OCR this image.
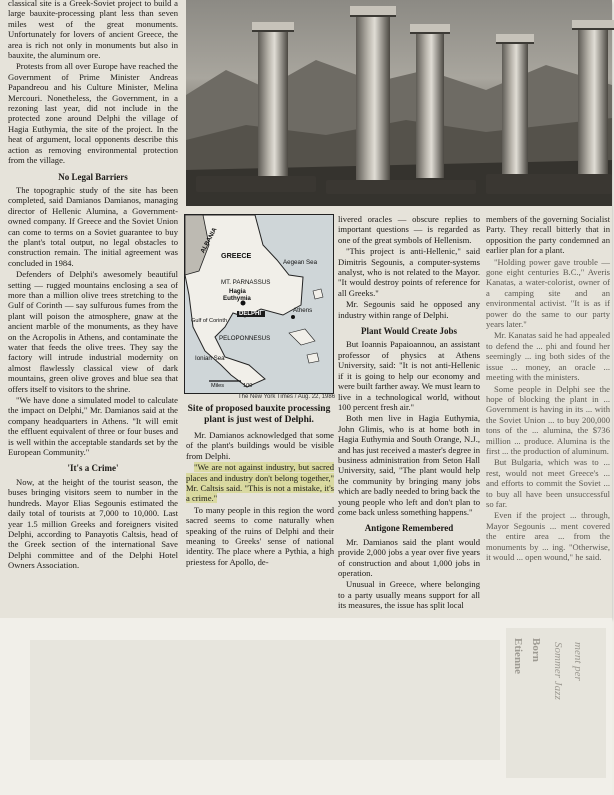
classical site is a Greek-Soviet project to build a large bauxite-processing plant less than seven miles west of the great monuments. Unfortunately for lovers of ancient Greece, the area is rich not only in monuments but also in bauxite, the aluminum ore.

Protests from all over Europe have reached the Government of Prime Minister Andreas Papandreou and his Culture Minister, Melina Mercouri. Nonetheless, the Government, in a rezoning last year, did not include in the protected zone around Delphi the village of Hagia Euthymia, the site of the project. In the heat of argument, local opponents describe this action as removing environmental protection from the village.

No Legal Barriers

The topographic study of the site has been completed, said Damianos Damianos, managing director of Hellenic Alumina, a Government-owned company. If Greece and the Soviet Union can come to terms on a Soviet guarantee to buy the plant's total output, no legal obstacles to construction remain. The initial agreement was concluded in 1984.

Defenders of Delphi's awesomely beautiful setting — rugged mountains enclosing a sea of more than a million olive trees stretching to the Gulf of Corinth — say sulfurous fumes from the plant will poison the atmosphere, gnaw at the ancient marble of the monuments, as they have on the Acropolis in Athens, and contaminate the water that feeds the olive trees. They say the factory will intrude industrial modernity on almost flawlessly classical view of dark mountains, green olive groves and blue sea that offers itself to visitors to the shrine.

"We have done a simulated model to calculate the impact on Delphi," Mr. Damianos said at the company headquarters in Athens. "It will emit the effluent equivalent of three or four buses and is well within the acceptable standards set by the European Community."

'It's a Crime'

Now, at the height of the tourist season, the buses bringing visitors seem to number in the hundreds. Mayor Elias Segounis estimated the daily total of tourists at 7,000 to 10,000. Last year 1.5 million Greeks and foreigners visited Delphi, according to Panayotis Caltsis, head of the Greek section of the international Save Delphi committee and of the Delphi Hotel Owners Association.

ALBANIA
GREECE
Aegean Sea
MT. PARNASSUS
Hagia
Euthymia
DELPHI	Athens
Gulf of Corinth
PELOPONNESUS
Ionian Sea
Miles	100
The New York Times / Aug. 22, 1986
Site of proposed bauxite processing plant is just west of Delphi.

Mr. Damianos acknowledged that some of the plant's buildings would be visible from Delphi.

"We are not against industry, but sacred places and industry don't belong together," Mr. Caltsis said. "This is not a mistake, it's a crime."

To many people in this region the word sacred seems to come naturally when speaking of the ruins of Delphi and their meaning to Greeks' sense of national identity. The place where a Pythia, a high priestess for Apollo, de-

livered oracles — obscure replies to important questions — is regarded as one of the great symbols of Hellenism.

"This project is anti-Hellenic," said Dimitris Segounis, a computer-systems analyst, who is not related to the Mayor. "It would destroy points of reference for all Greeks."

Mr. Segounis said he opposed any industry within range of Delphi.

Plant Would Create Jobs

But Ioannis Papaioannou, an assistant professor of physics at Athens University, said: "It is not anti-Hellenic if it is going to help our economy and were built farther away. We must learn to live in a technological world, without 100 percent fresh air."

Both men live in Hagia Euthymia, John Glimis, who is at home both in Hagia Euthymia and South Orange, N.J., and has just received a master's degree in business administration from Seton Hall University, said, "The plant would help the community by bringing many jobs which are badly needed to bring back the young people who left and don't plan to come back unless something happens."

Antigone Remembered

Mr. Damianos said the plant would provide 2,000 jobs a year over five years of construction and about 1,000 jobs in operation.

Unusual in Greece, where belonging to a party usually means support for all its measures, the issue has split local

members of the governing Socialist Party. They recall bitterly that in opposition the party condemned an earlier plan for a plant.

"Holding power gave trouble — gone eight centuries B.C.," Averis Kanatas, a water-colorist, owner of a camping site and an environmental activist. "It is as if power do the same to our party years later."

Mr. Kanatas said he had appealed to defend the ... phi and found her seemingly ... ing both sides of the issue ... money, an oracle ... meeting with the ministers.

Some people in Delphi see the hope of blocking the plant in ... Government is having in its ... with the Soviet Union ... to buy 200,000 tons of the ... alumina, the $736 million ... produce. Alumina is the first ... the production of aluminum.

But Bulgaria, which was to ... rest, would not meet Greece's ... and efforts to commit the Soviet ... to buy all have been unsuccessful so far.

Even if the project ... through, Mayor Segounis ... ment covered the entire area ... from the monuments by ... ing. "Otherwise, it would ... open wound," he said.

Etienne Born Sommer Jazz ment per
